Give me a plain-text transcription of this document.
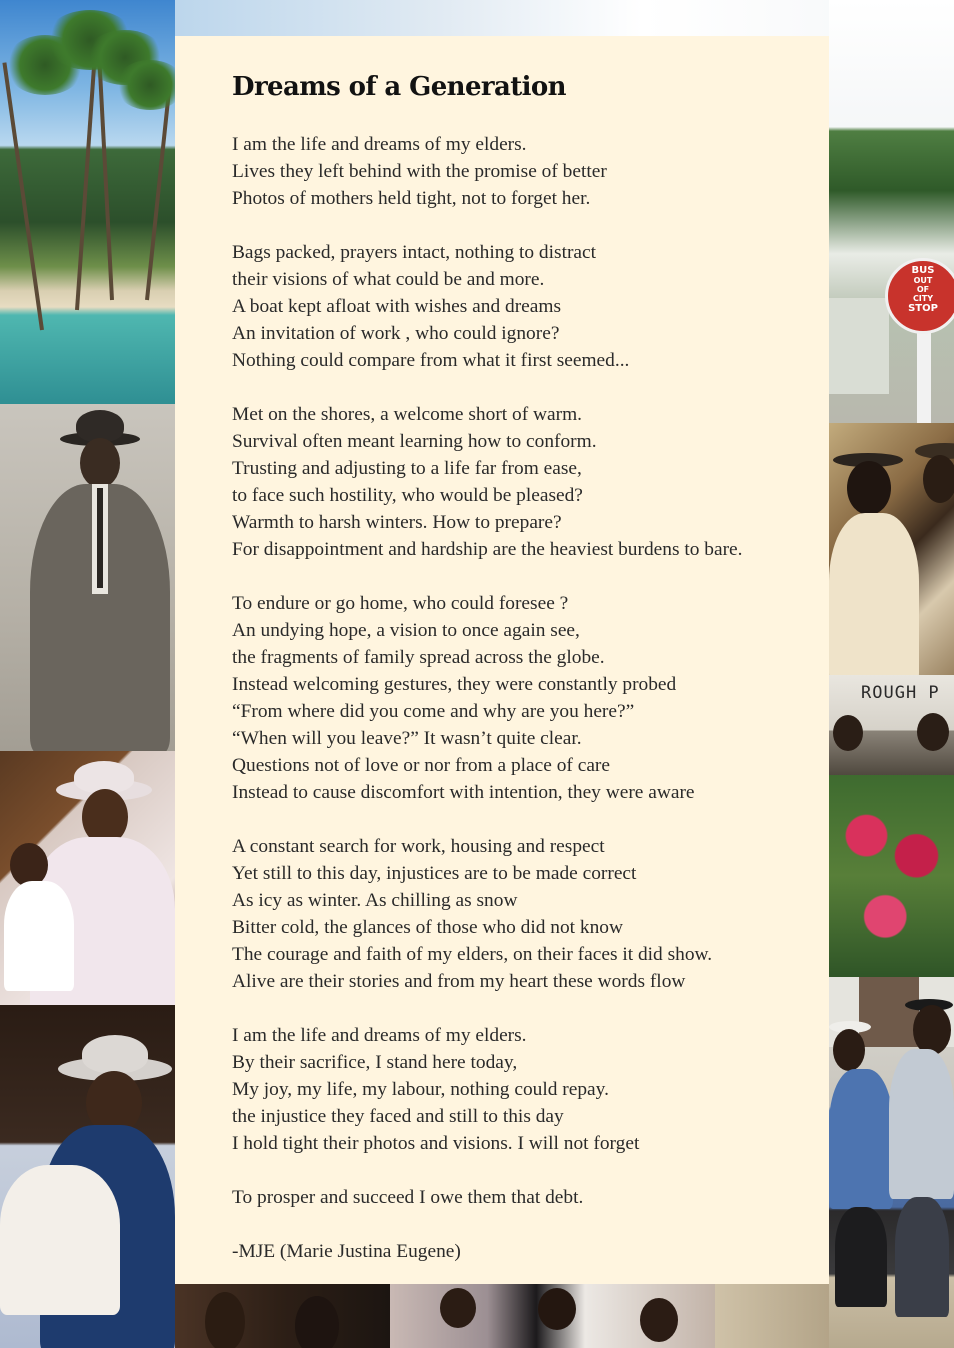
BUS
OUT
OF
CITY
STOP
ROUGH P
Dreams of a Generation
I am the life and dreams of my elders.
Lives they left behind with the promise of better
Photos of mothers held tight, not to forget her.
Bags packed, prayers intact, nothing to distract
their visions of what could be and more.
A boat kept afloat with wishes and dreams
An invitation of work , who could ignore?
Nothing could compare from what it first seemed...
Met on the shores, a welcome short of warm.
Survival often meant learning how to conform.
Trusting and adjusting to a life far from ease,
to face such hostility, who would be pleased?
Warmth to harsh winters. How to prepare?
For disappointment and hardship are the heaviest burdens to bare.
To endure or go home, who could foresee ?
An undying hope, a vision to once again see,
the fragments of family spread across the globe.
Instead welcoming gestures, they were constantly probed
“From where did you come and why are you here?”
“When will you leave?” It wasn’t quite clear.
Questions not of love or nor from a place of care
Instead to cause discomfort with intention, they were aware
A constant search for work, housing and respect
Yet still to this day, injustices are to be made correct
As icy as winter. As chilling as snow
Bitter cold, the glances of those who did not know
The courage and faith of my elders, on their faces it did show.
Alive are their stories and from my heart these words flow
I am the life and dreams of my elders.
By their sacrifice, I stand here today,
My joy, my life, my labour, nothing could repay.
the injustice they faced and still to this day
I hold tight their photos and visions. I will not forget
To prosper and succeed I owe them that debt.
-MJE (Marie Justina Eugene)
